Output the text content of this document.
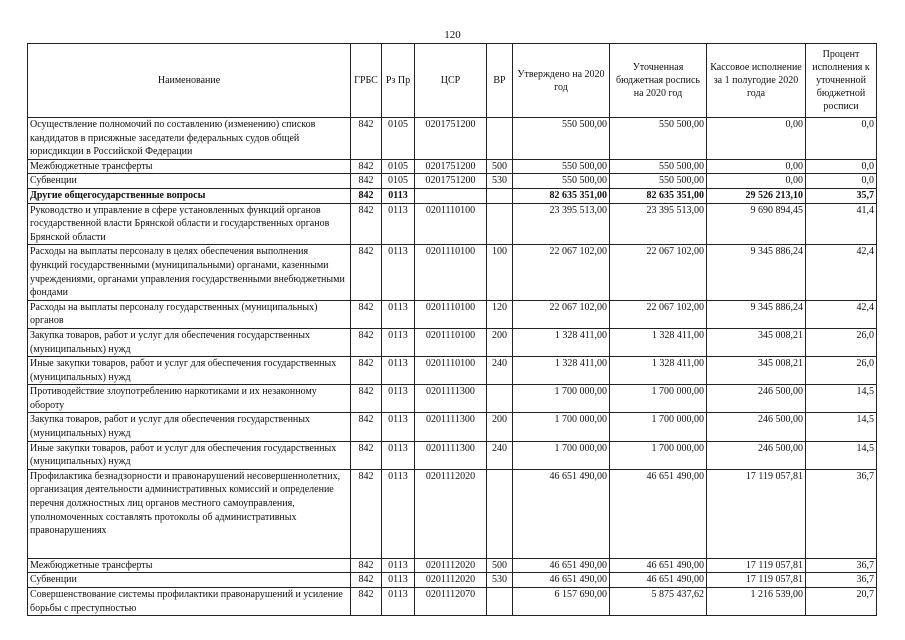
120
Наименование	ГРБС	Рз Пр	ЦСР	ВР	Утверждено на 2020 год	Уточненная бюджетная роспись на 2020 год	Кассовое исполнение за 1 полугодие 2020 года	Процент исполнения к уточненной бюджетной росписи
Осуществление полномочий по составлению (изменению) списков кандидатов в присяжные заседатели федеральных судов общей юрисдикции в Российской Федерации	842	0105	0201751200		550 500,00	550 500,00	0,00	0,0
Межбюджетные трансферты	842	0105	0201751200	500	550 500,00	550 500,00	0,00	0,0
Субвенции	842	0105	0201751200	530	550 500,00	550 500,00	0,00	0,0
Другие общегосударственные вопросы	842	0113			82 635 351,00	82 635 351,00	29 526 213,10	35,7
Руководство и управление в сфере установленных функций органов государственной власти Брянской области и государственных органов Брянской области	842	0113	0201110100		23 395 513,00	23 395 513,00	9 690 894,45	41,4
Расходы на выплаты персоналу в целях обеспечения выполнения функций государственными (муниципальными) органами, казенными учреждениями, органами управления государственными внебюджетными фондами	842	0113	0201110100	100	22 067 102,00	22 067 102,00	9 345 886,24	42,4
Расходы на выплаты персоналу государственных (муниципальных) органов	842	0113	0201110100	120	22 067 102,00	22 067 102,00	9 345 886,24	42,4
Закупка товаров, работ и услуг для обеспечения государственных (муниципальных) нужд	842	0113	0201110100	200	1 328 411,00	1 328 411,00	345 008,21	26,0
Иные закупки товаров, работ и услуг для обеспечения государственных (муниципальных) нужд	842	0113	0201110100	240	1 328 411,00	1 328 411,00	345 008,21	26,0
Противодействие злоупотреблению наркотиками и их незаконному обороту	842	0113	0201111300		1 700 000,00	1 700 000,00	246 500,00	14,5
Закупка товаров, работ и услуг для обеспечения государственных (муниципальных) нужд	842	0113	0201111300	200	1 700 000,00	1 700 000,00	246 500,00	14,5
Иные закупки товаров, работ и услуг для обеспечения государственных (муниципальных) нужд	842	0113	0201111300	240	1 700 000,00	1 700 000,00	246 500,00	14,5
Профилактика безнадзорности и правонарушений несовершеннолетних, организация деятельности административных комиссий и определение перечня должностных лиц органов местного самоуправления, уполномоченных составлять протоколы об административных правонарушениях	842	0113	0201112020		46 651 490,00	46 651 490,00	17 119 057,81	36,7
Межбюджетные трансферты	842	0113	0201112020	500	46 651 490,00	46 651 490,00	17 119 057,81	36,7
Субвенции	842	0113	0201112020	530	46 651 490,00	46 651 490,00	17 119 057,81	36,7
Совершенствование системы профилактики правонарушений и усиление борьбы с преступностью	842	0113	0201112070		6 157 690,00	5 875 437,62	1 216 539,00	20,7
